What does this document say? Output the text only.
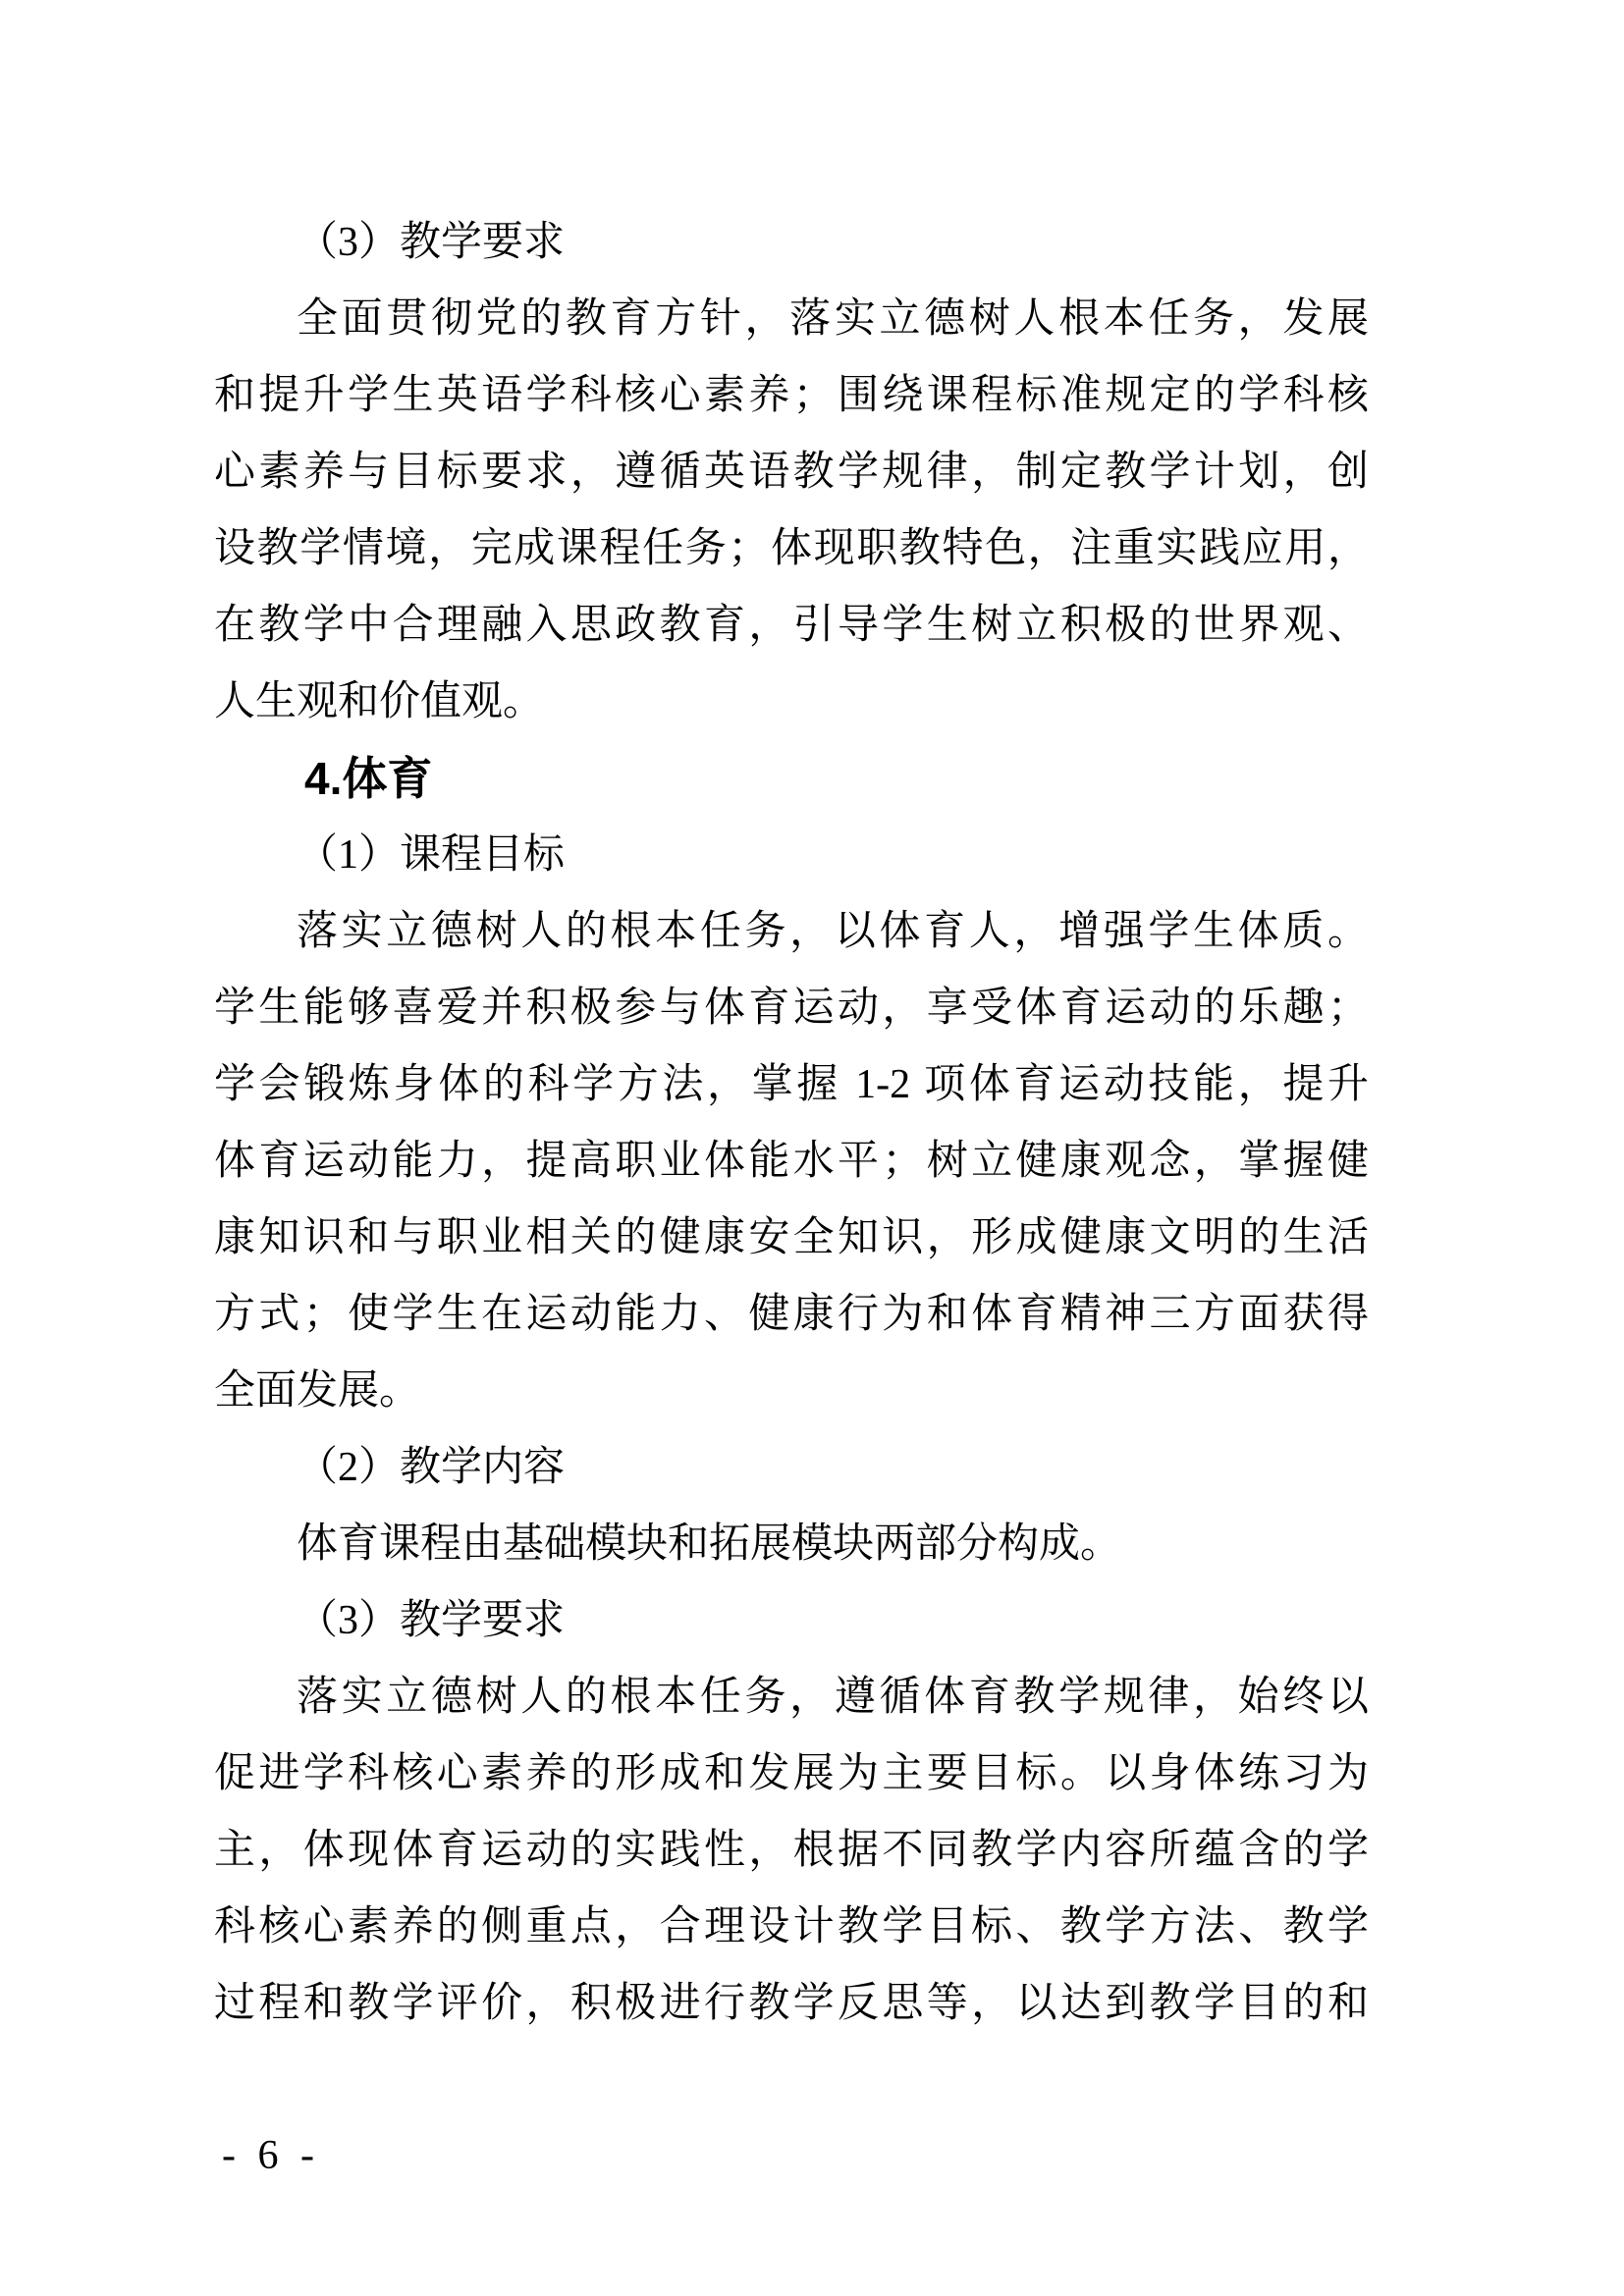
（3）教学要求
全面贯彻党的教育方针，落实立德树人根本任务，发展
和提升学生英语学科核心素养；围绕课程标准规定的学科核
心素养与目标要求，遵循英语教学规律，制定教学计划，创
设教学情境，完成课程任务；体现职教特色，注重实践应用，
在教学中合理融入思政教育，引导学生树立积极的世界观、
人生观和价值观。
4.体育
（1）课程目标
落实立德树人的根本任务，以体育人，增强学生体质。
学生能够喜爱并积极参与体育运动，享受体育运动的乐趣；
学会锻炼身体的科学方法，掌握 1-2 项体育运动技能，提升
体育运动能力，提高职业体能水平；树立健康观念，掌握健
康知识和与职业相关的健康安全知识，形成健康文明的生活
方式；使学生在运动能力、健康行为和体育精神三方面获得
全面发展。
（2）教学内容
体育课程由基础模块和拓展模块两部分构成。
（3）教学要求
落实立德树人的根本任务，遵循体育教学规律，始终以
促进学科核心素养的形成和发展为主要目标。以身体练习为
主，体现体育运动的实践性，根据不同教学内容所蕴含的学
科核心素养的侧重点，合理设计教学目标、教学方法、教学
过程和教学评价，积极进行教学反思等，以达到教学目的和
- 6 -
